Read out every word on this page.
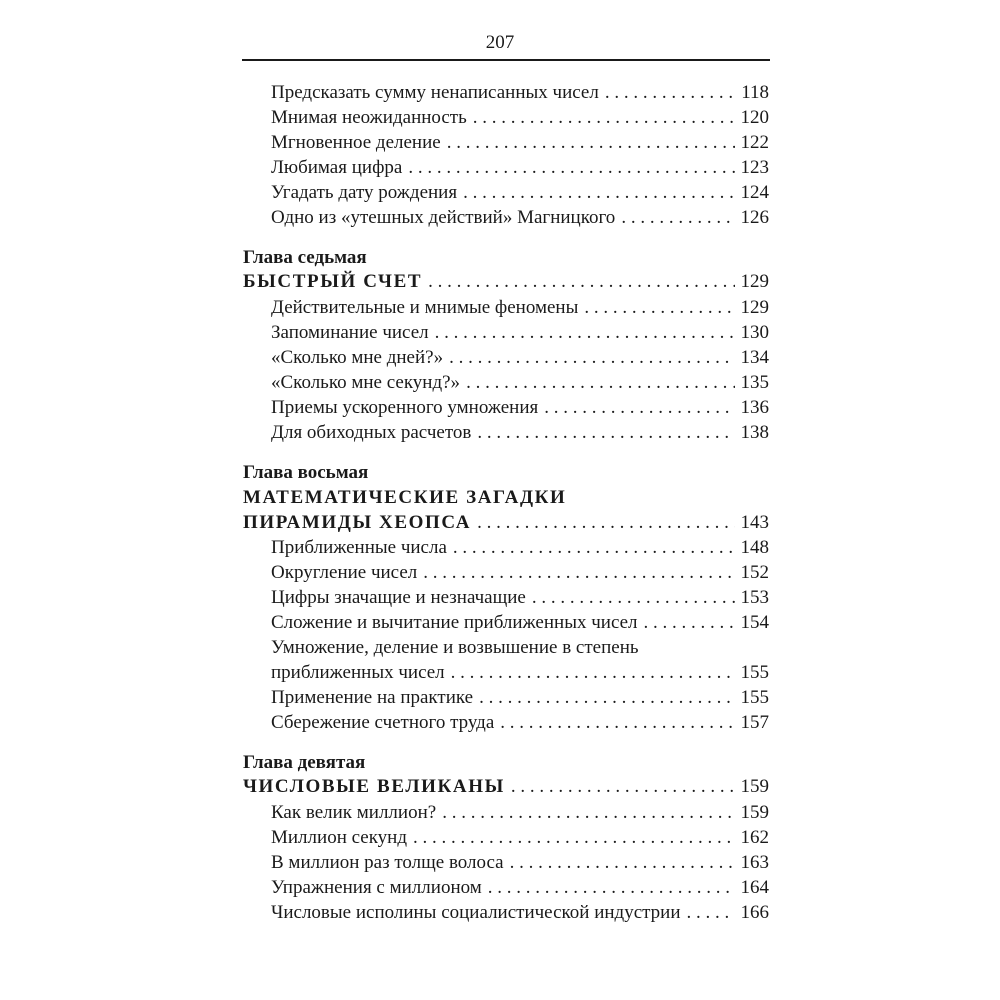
207
Предсказать сумму ненаписанных чисел . . .	118
Мнимая неожиданность . . .	120
Мгновенное деление . . .	122
Любимая цифра . . .	123
Угадать дату рождения . . .	124
Одно из «утешных действий» Магницкого . . .	126
Глава седьмая
БЫСТРЫЙ СЧЕТ . . .	129
Действительные и мнимые феномены . . .	129
Запоминание чисел . . .	130
«Сколько мне дней?» . . .	134
«Сколько мне секунд?» . . .	135
Приемы ускоренного умножения . . .	136
Для обиходных расчетов . . .	138
Глава восьмая
МАТЕМАТИЧЕСКИЕ ЗАГАДКИ
ПИРАМИДЫ ХЕОПСА . . .	143
Приближенные числа . . .	148
Округление чисел . . .	152
Цифры значащие и незначащие . . .	153
Сложение и вычитание приближенных чисел . . .	154
Умножение, деление и возвышение в степень
приближенных чисел . . .	155
Применение на практике . . .	155
Сбережение счетного труда . . .	157
Глава девятая
ЧИСЛОВЫЕ ВЕЛИКАНЫ . . .	159
Как велик миллион? . . .	159
Миллион секунд . . .	162
В миллион раз толще волоса . . .	163
Упражнения с миллионом . . .	164
Числовые исполины социалистической индустрии . . .	166
